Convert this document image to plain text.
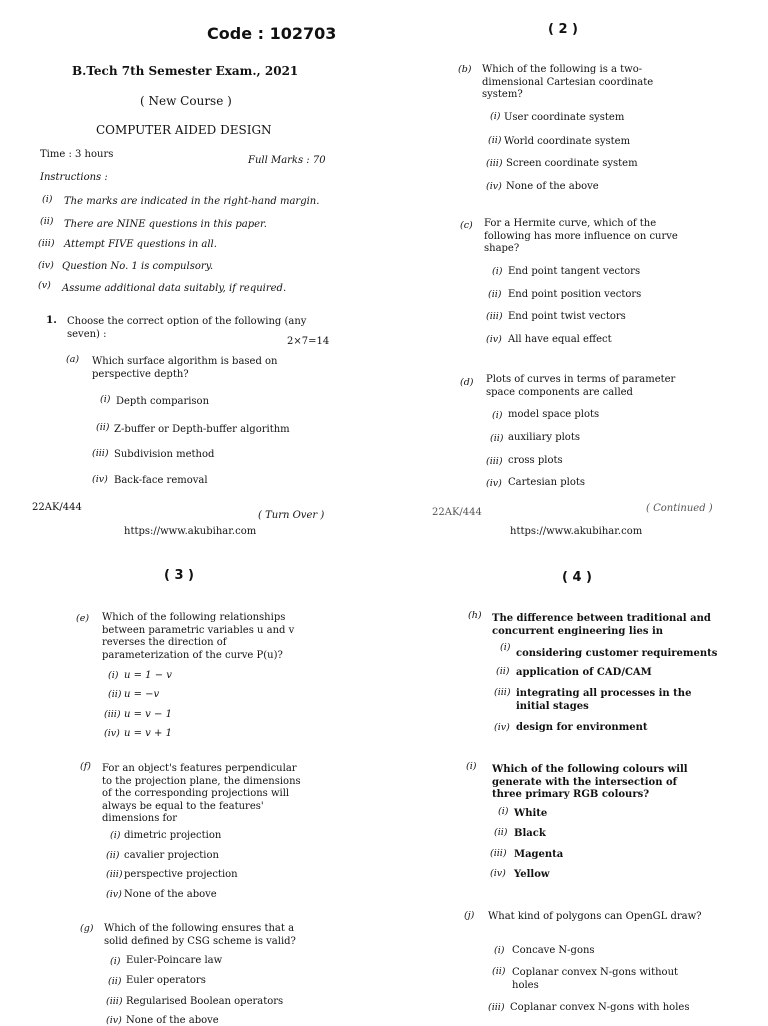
Code : 102703
B.Tech 7th Semester Exam., 2021
( New Course )
COMPUTER AIDED DESIGN
Time : 3 hours
Full Marks : 70
Instructions :
(i) The marks are indicated in the right-hand margin.
(ii) There are NINE questions in this paper.
(iii) Attempt FIVE questions in all.
(iv) Question No. 1 is compulsory.
(v) Assume additional data suitably, if required.
1. Choose the correct option of the following (any seven) :
2×7=14
(a) Which surface algorithm is based on perspective depth?
(i) Depth comparison
(ii) Z-buffer or Depth-buffer algorithm
(iii) Subdivision method
(iv) Back-face removal
22AK/444
( Turn Over )
( 2 )
(b) Which of the following is a two-dimensional Cartesian coordinate system?
(i) User coordinate system
(ii) World coordinate system
(iii) Screen coordinate system
(iv) None of the above
(c) For a Hermite curve, which of the following has more influence on curve shape?
(i) End point tangent vectors
(ii) End point position vectors
(iii) End point twist vectors
(iv) All have equal effect
(d) Plots of curves in terms of parameter space components are called
(i) model space plots
(ii) auxiliary plots
(iii) cross plots
(iv) Cartesian plots
22AK/444	( Continued )
https://www.akubihar.com	https://www.akubihar.com
( 3 )
(e) Which of the following relationships between parametric variables u and v reverses the direction of parameterization of the curve P(u)?
(i) u = 1 − v
(ii) u = −v
(iii) u = v − 1
(iv) u = v + 1
(f) For an object's features perpendicular to the projection plane, the dimensions of the corresponding projections will always be equal to the features' dimensions for
(i) dimetric projection
(ii) cavalier projection
(iii) perspective projection
(iv) None of the above
(g) Which of the following ensures that a solid defined by CSG scheme is valid?
(i) Euler-Poincare law
(ii) Euler operators
(iii) Regularised Boolean operators
(iv) None of the above
( 4 )
(h) The difference between traditional and concurrent engineering lies in
(i)
considering customer requirements
(ii) application of CAD/CAM
(iii) integrating all processes in the initial stages
(iv) design for environment
(i) Which of the following colours will generate with the intersection of three primary RGB colours?
(i) White
(ii) Black
(iii) Magenta
(iv) Yellow
(j) What kind of polygons can OpenGL draw?
(i) Concave N-gons
(ii) Coplanar convex N-gons without holes
(iii) Coplanar convex N-gons with holes
